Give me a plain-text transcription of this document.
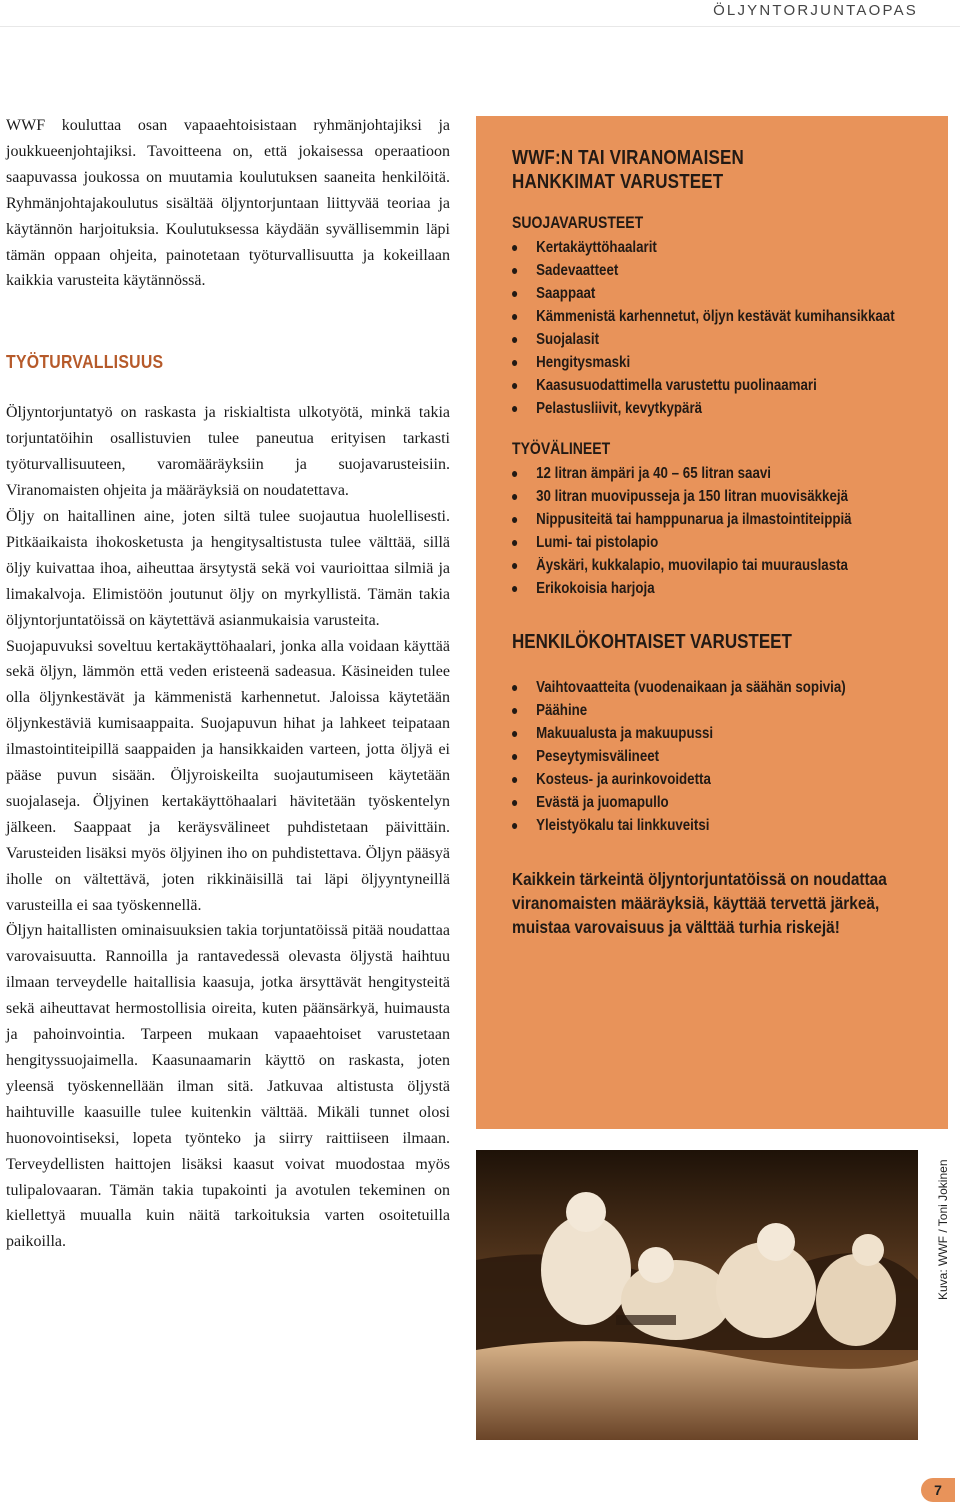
ÖLJYNTORJUNTAOPAS

WWF kouluttaa osan vapaaehtoisistaan ryhmänjohtajiksi ja joukkueenjohtajiksi. Tavoitteena on, että jokaisessa operaatioon saapuvassa joukossa on muutamia koulutuksen saaneita henkilöitä. Ryhmänjohtajakoulutus sisältää öljyntorjuntaan liittyvää teoriaa ja käytännön harjoituksia. Koulutuksessa käydään syvällisemmin läpi tämän oppaan ohjeita, painotetaan työturvallisuutta ja kokeillaan kaikkia varusteita käytännössä.

TYÖTURVALLISUUS

Öljyntorjuntatyö on raskasta ja riskialtista ulkotyötä, minkä takia torjuntatöihin osallistuvien tulee paneutua erityisen tarkasti työturvallisuuteen, varomääräyksiin ja suojavarusteisiin. Viranomaisten ohjeita ja määräyksiä on noudatettava.

Öljy on haitallinen aine, joten siltä tulee suojautua huolellisesti. Pitkäaikaista ihokosketusta ja hengitysaltistusta tulee välttää, sillä öljy kuivattaa ihoa, aiheuttaa ärsytystä sekä voi vaurioittaa silmiä ja limakalvoja. Elimistöön joutunut öljy on myrkyllistä. Tämän takia öljyntorjuntatöissä on käytettävä asianmukaisia varusteita.

Suojapuvuksi soveltuu kertakäyttöhaalari, jonka alla voidaan käyttää sekä öljyn, lämmön että veden eristeenä sadeasua. Käsineiden tulee olla öljynkestävät ja kämmenistä karhennetut. Jaloissa käytetään öljynkestäviä kumisaappaita. Suojapuvun hihat ja lahkeet teipataan ilmastointiteipillä saappaiden ja hansikkaiden varteen, jotta öljyä ei pääse puvun sisään. Öljyroiskeilta suojautumiseen käytetään suojalaseja. Öljyinen kertakäyttöhaalari hävitetään työskentelyn jälkeen. Saappaat ja keräysvälineet puhdistetaan päivittäin. Varusteiden lisäksi myös öljyinen iho on puhdistettava. Öljyn pääsyä iholle on vältettävä, joten rikkinäisillä tai läpi öljyyntyneillä varusteilla ei saa työskennellä.

Öljyn haitallisten ominaisuuksien takia torjuntatöissä pitää noudattaa varovaisuutta. Rannoilla ja rantavedessä olevasta öljystä haihtuu ilmaan terveydelle haitallisia kaasuja, jotka ärsyttävät hengitysteitä sekä aiheuttavat hermostollisia oireita, kuten päänsärkyä, huimausta ja pahoinvointia. Tarpeen mukaan vapaaehtoiset varustetaan hengityssuojaimella. Kaasunaamarin käyttö on raskasta, joten yleensä työskennellään ilman sitä. Jatkuvaa altistusta öljystä haihtuville kaasuille tulee kuitenkin välttää. Mikäli tunnet olosi huonovointiseksi, lopeta työnteko ja siirry raittiiseen ilmaan. Terveydellisten haittojen lisäksi kaasut voivat muodostaa myös tulipalovaaran. Tämän takia tupakointi ja avotulen tekeminen on kiellettyä muualla kuin näitä tarkoituksia varten osoitetuilla paikoilla.

WWF:N TAI VIRANOMAISEN HANKKIMAT VARUSTEET
SUOJAVARUSTEET
Kertakäyttöhaalarit
Sadevaatteet
Saappaat
Kämmenistä karhennetut, öljyn kestävät kumihansikkaat
Suojalasit
Hengitysmaski
Kaasusuodattimella varustettu puolinaamari
Pelastusliivit, kevytkypärä
TYÖVÄLINEET
12 litran ämpäri ja 40 – 65 litran saavi
30 litran muovipusseja ja 150 litran muovisäkkejä
Nippusiteitä tai hamppunarua ja ilmastointiteippiä
Lumi- tai pistolapio
Äyskäri, kukkalapio, muovilapio tai muurauslasta
Erikokoisia harjoja
HENKILÖKOHTAISET VARUSTEET
Vaihtovaatteita (vuodenaikaan ja säähän sopivia)
Päähine
Makuualusta ja makuupussi
Peseytymisvälineet
Kosteus- ja aurinkovoidetta
Evästä ja juomapullo
Yleistyökalu tai linkkuveitsi
Kaikkein tärkeintä öljyntorjuntatöissä on noudattaa viranomaisten määräyksiä, käyttää tervettä järkeä, muistaa varovaisuus ja välttää turhia riskejä!
Kuva: WWF / Toni Jokinen
7
